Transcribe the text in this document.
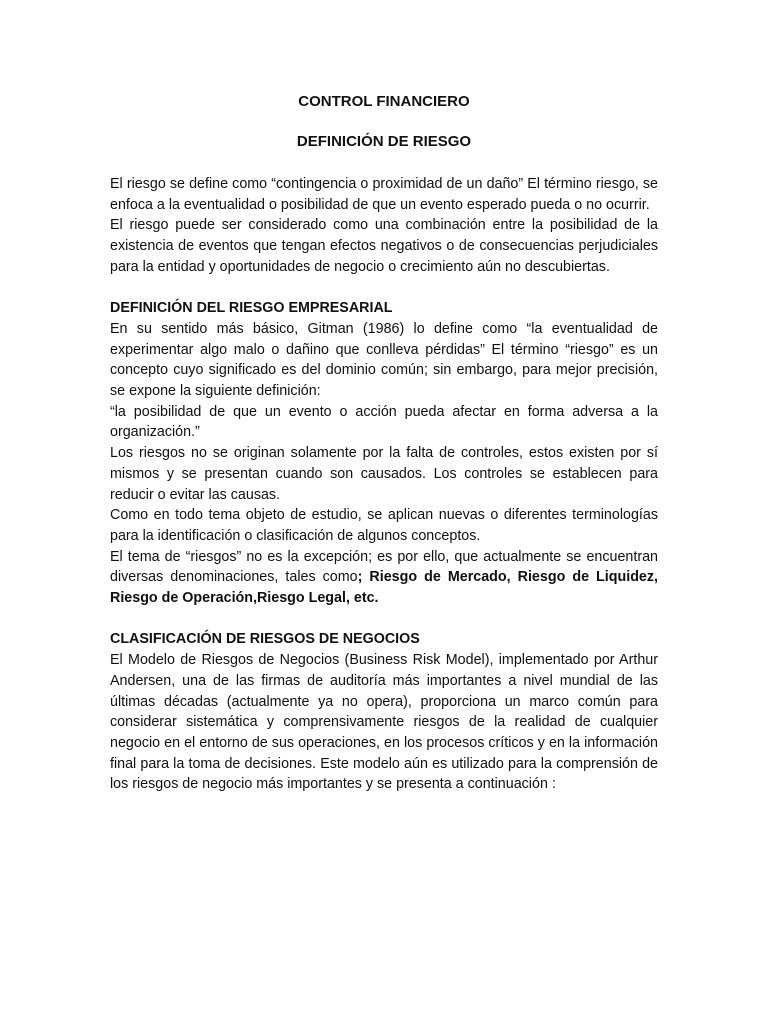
CONTROL FINANCIERO

DEFINICIÓN DE RIESGO

El riesgo se define como “contingencia o proximidad de un daño” El término riesgo, se enfoca a la eventualidad o posibilidad de que un evento esperado pueda o no ocurrir.

El riesgo puede ser considerado como una combinación entre la posibilidad de la existencia de eventos que tengan efectos negativos o de consecuencias perjudiciales para la entidad y oportunidades de negocio o crecimiento aún no descubiertas.

DEFINICIÓN DEL RIESGO EMPRESARIAL

En su sentido más básico, Gitman (1986) lo define como “la eventualidad de experimentar algo malo o dañino que conlleva pérdidas” El término “riesgo” es un concepto cuyo significado es del dominio común; sin embargo, para mejor precisión, se expone la siguiente definición:

“la posibilidad de que un evento o acción pueda afectar en forma adversa a la organización.”

Los riesgos no se originan solamente por la falta de controles, estos existen por sí mismos y se presentan cuando son causados. Los controles se establecen para reducir o evitar las causas.

Como en todo tema objeto de estudio, se aplican nuevas o diferentes terminologías para la identificación o clasificación de algunos conceptos.

El tema de “riesgos” no es la excepción; es por ello, que actualmente se encuentran diversas denominaciones, tales como; Riesgo de Mercado, Riesgo de Liquidez, Riesgo de Operación,Riesgo Legal, etc.

CLASIFICACIÓN DE RIESGOS DE NEGOCIOS

El Modelo de Riesgos de Negocios (Business Risk Model), implementado por Arthur Andersen, una de las firmas de auditoría más importantes a nivel mundial de las últimas décadas (actualmente ya no opera), proporciona un marco común para considerar sistemática y comprensivamente riesgos de la realidad de cualquier negocio en el entorno de sus operaciones, en los procesos críticos y en la información final para la toma de decisiones. Este modelo aún es utilizado para la comprensión de los riesgos de negocio más importantes y se presenta a continuación :
